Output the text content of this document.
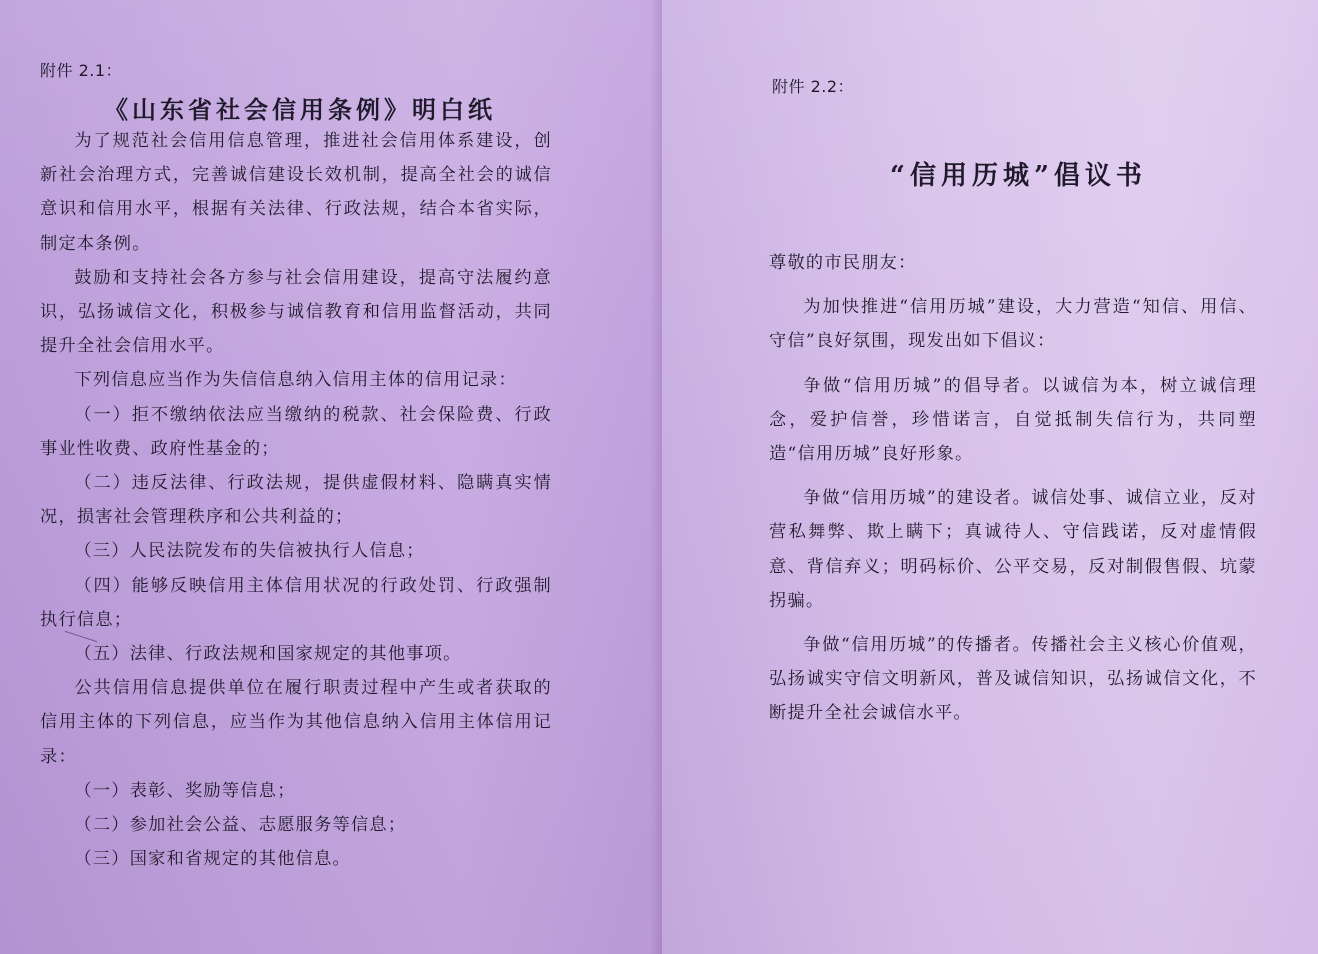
附件 2.1：
《山东省社会信用条例》明白纸

为了规范社会信用信息管理，推进社会信用体系建设，创新社会治理方式，完善诚信建设长效机制，提高全社会的诚信意识和信用水平，根据有关法律、行政法规，结合本省实际，制定本条例。

鼓励和支持社会各方参与社会信用建设，提高守法履约意识，弘扬诚信文化，积极参与诚信教育和信用监督活动，共同提升全社会信用水平。

下列信息应当作为失信信息纳入信用主体的信用记录：

（一）拒不缴纳依法应当缴纳的税款、社会保险费、行政事业性收费、政府性基金的；

（二）违反法律、行政法规，提供虚假材料、隐瞒真实情况，损害社会管理秩序和公共利益的；

（三）人民法院发布的失信被执行人信息；

（四）能够反映信用主体信用状况的行政处罚、行政强制执行信息；

（五）法律、行政法规和国家规定的其他事项。

公共信用信息提供单位在履行职责过程中产生或者获取的信用主体的下列信息，应当作为其他信息纳入信用主体信用记录：

（一）表彰、奖励等信息；

（二）参加社会公益、志愿服务等信息；

（三）国家和省规定的其他信息。

附件 2.2：
“信用历城”倡议书

尊敬的市民朋友：

为加快推进“信用历城”建设，大力营造“知信、用信、守信”良好氛围，现发出如下倡议：

争做“信用历城”的倡导者。以诚信为本，树立诚信理念，爱护信誉，珍惜诺言，自觉抵制失信行为，共同塑造“信用历城”良好形象。

争做“信用历城”的建设者。诚信处事、诚信立业，反对营私舞弊、欺上瞒下；真诚待人、守信践诺，反对虚情假意、背信弃义；明码标价、公平交易，反对制假售假、坑蒙拐骗。

争做“信用历城”的传播者。传播社会主义核心价值观，弘扬诚实守信文明新风，普及诚信知识，弘扬诚信文化，不断提升全社会诚信水平。
